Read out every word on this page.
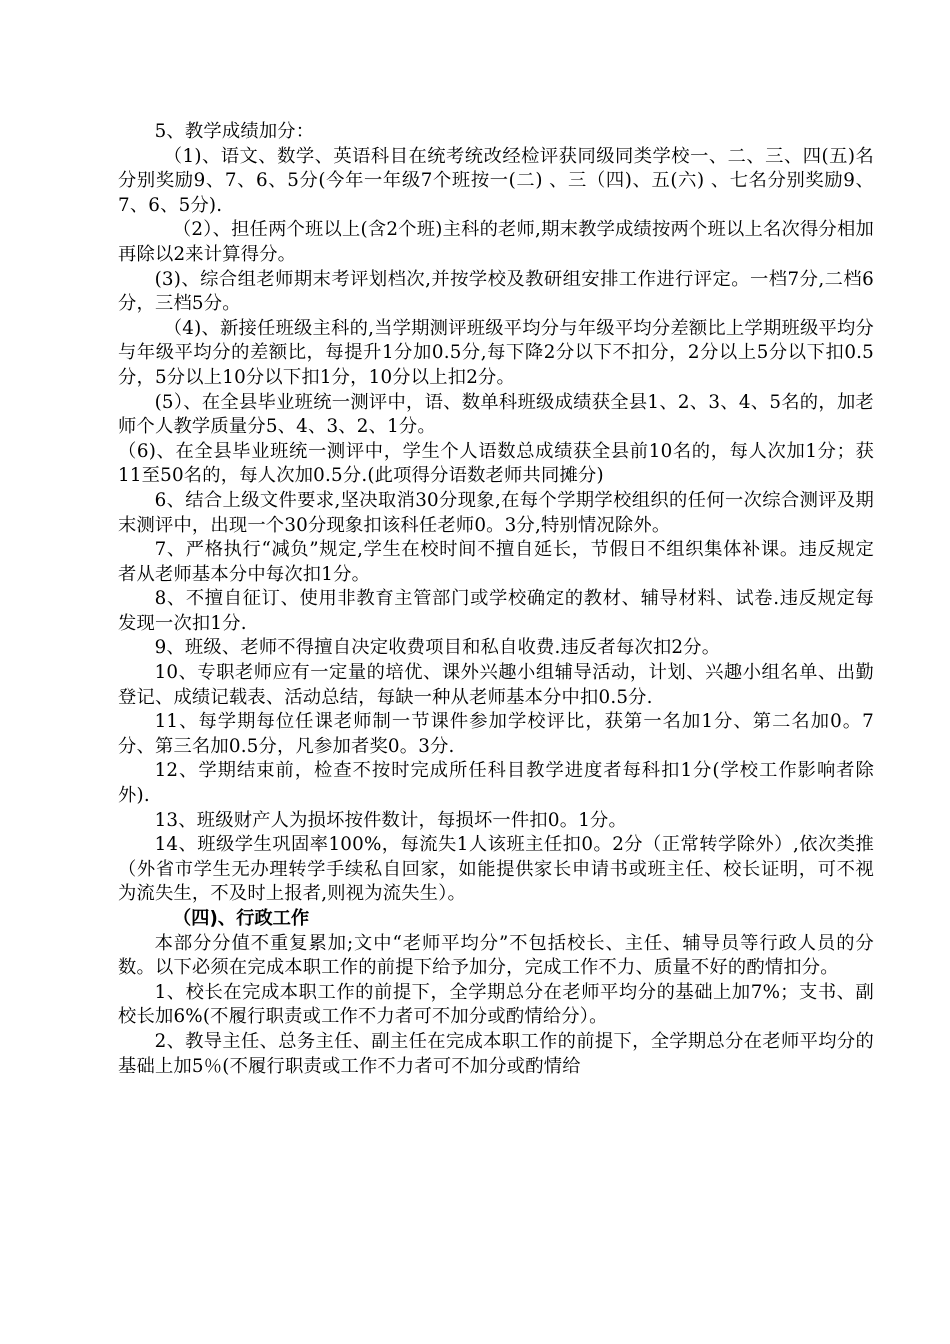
5、教学成绩加分：

（1)、语文、数学、英语科目在统考统改经检评获同级同类学校一、二、三、四(五)名分别奖励9、7、6、5分(今年一年级7个班按一(二) 、三（四)、五(六) 、七名分别奖励9、7、6、5分).

（2）、担任两个班以上(含2个班)主科的老师,期末教学成绩按两个班以上名次得分相加再除以2来计算得分。

(3)、综合组老师期末考评划档次,并按学校及教研组安排工作进行评定。一档7分,二档6分，三档5分。

（4)、新接任班级主科的,当学期测评班级平均分与年级平均分差额比上学期班级平均分与年级平均分的差额比，每提升1分加0.5分,每下降2分以下不扣分，2分以上5分以下扣0.5分，5分以上10分以下扣1分，10分以上扣2分。

(5）、在全县毕业班统一测评中，语、数单科班级成绩获全县1、2、3、4、5名的，加老师个人教学质量分5、4、3、2、1分。

（6)、在全县毕业班统一测评中，学生个人语数总成绩获全县前10名的，每人次加1分；获11至50名的，每人次加0.5分.(此项得分语数老师共同摊分)

6、结合上级文件要求,坚决取消30分现象,在每个学期学校组织的任何一次综合测评及期末测评中，出现一个30分现象扣该科任老师0。3分,特别情况除外。

7、严格执行“减负”规定,学生在校时间不擅自延长，节假日不组织集体补课。违反规定者从老师基本分中每次扣1分。

8、不擅自征订、使用非教育主管部门或学校确定的教材、辅导材料、试卷.违反规定每发现一次扣1分.

9、班级、老师不得擅自决定收费项目和私自收费.违反者每次扣2分。

10、专职老师应有一定量的培优、课外兴趣小组辅导活动，计划、兴趣小组名单、出勤登记、成绩记载表、活动总结，每缺一种从老师基本分中扣0.5分.

11、每学期每位任课老师制一节课件参加学校评比，获第一名加1分、第二名加0。7分、第三名加0.5分，凡参加者奖0。3分.

12、学期结束前，检查不按时完成所任科目教学进度者每科扣1分(学校工作影响者除外).

13、班级财产人为损坏按件数计，每损坏一件扣0。1分。

14、班级学生巩固率100%，每流失1人该班主任扣0。2分（正常转学除外）,依次类推（外省市学生无办理转学手续私自回家，如能提供家长申请书或班主任、校长证明，可不视为流失生，不及时上报者,则视为流失生）。

（四)、行政工作

本部分分值不重复累加;文中“老师平均分”不包括校长、主任、辅导员等行政人员的分数。以下必须在完成本职工作的前提下给予加分，完成工作不力、质量不好的酌情扣分。

1、校长在完成本职工作的前提下，全学期总分在老师平均分的基础上加7%；支书、副校长加6%(不履行职责或工作不力者可不加分或酌情给分）。

2、教导主任、总务主任、副主任在完成本职工作的前提下，全学期总分在老师平均分的基础上加5％(不履行职责或工作不力者可不加分或酌情给
